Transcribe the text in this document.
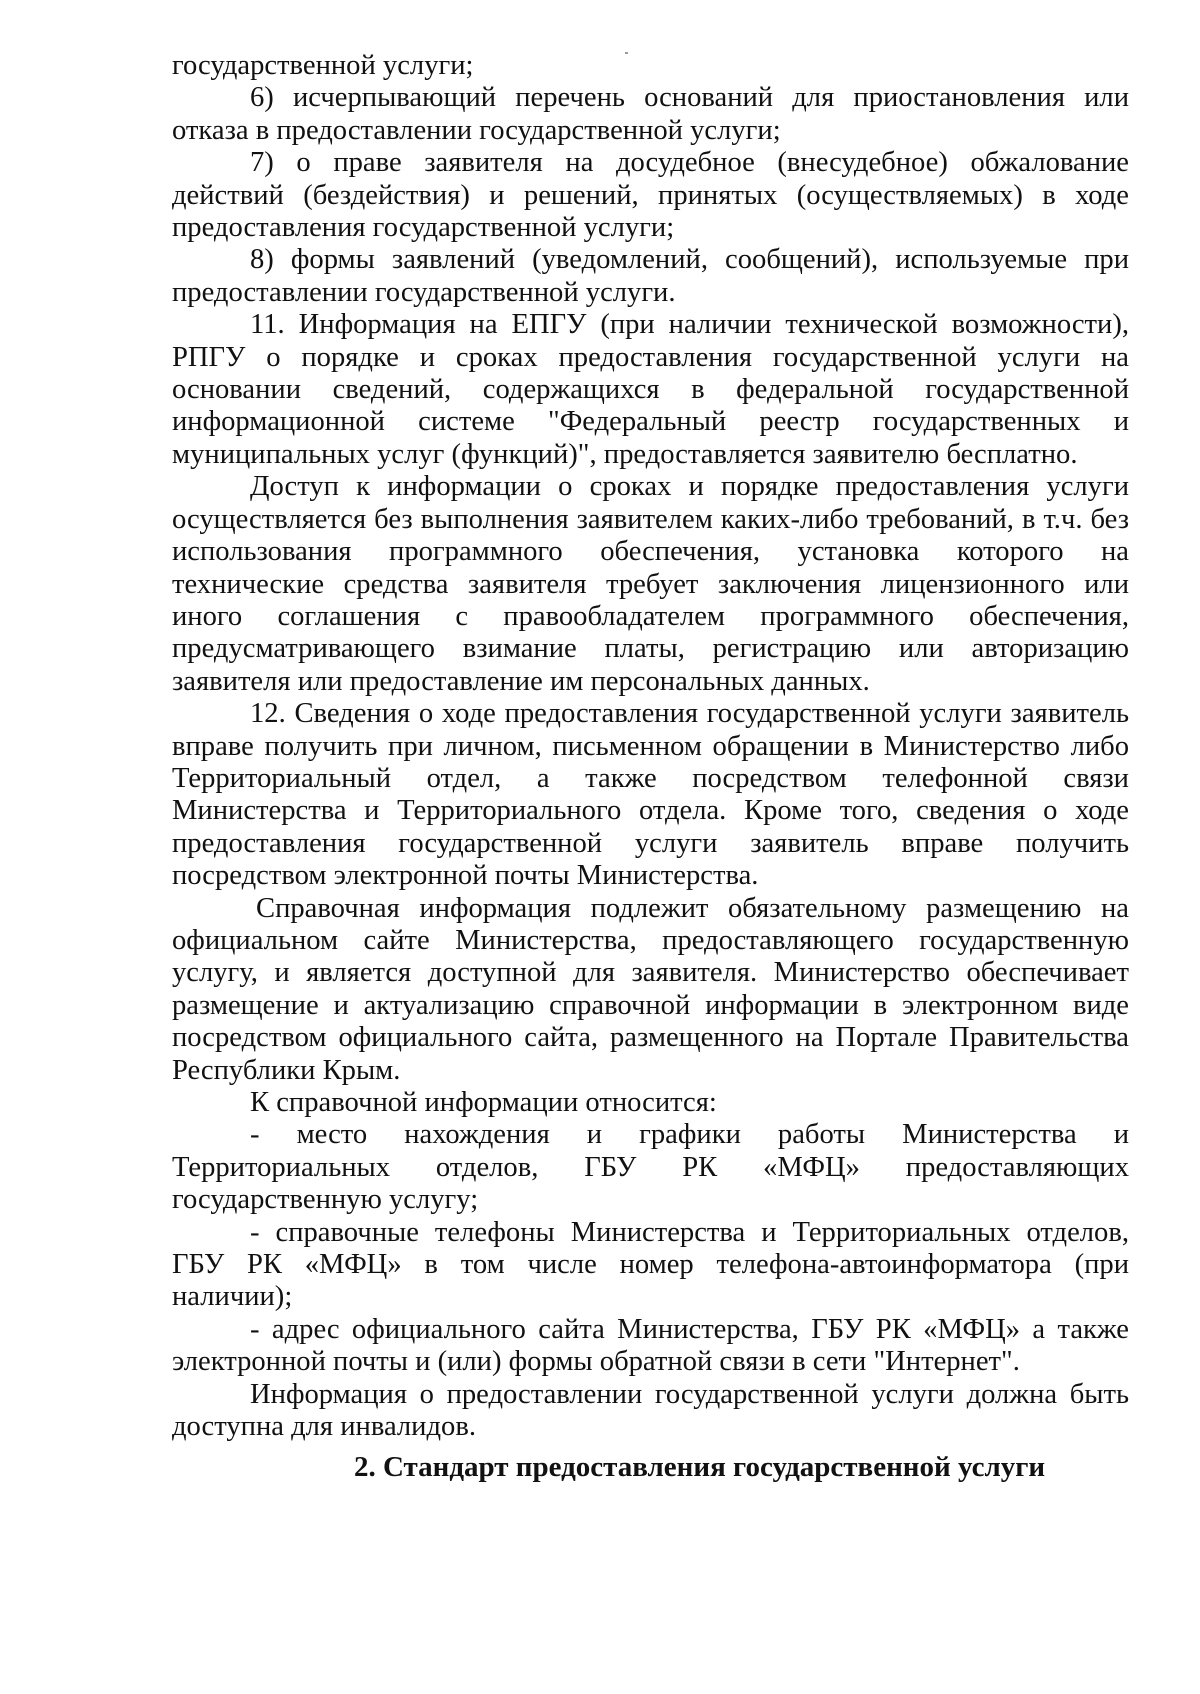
государственной услуги;

6) исчерпывающий перечень оснований для приостановления или отказа в предоставлении государственной услуги;

7) о праве заявителя на досудебное (внесудебное) обжалование действий (бездействия) и решений, принятых (осуществляемых) в ходе предоставления государственной услуги;

8) формы заявлений (уведомлений, сообщений), используемые при предоставлении государственной услуги.

11. Информация на ЕПГУ (при наличии технической возможности), РПГУ о порядке и сроках предоставления государственной услуги на основании сведений, содержащихся в федеральной государственной информационной системе "Федеральный реестр государственных и муниципальных услуг (функций)", предоставляется заявителю бесплатно.

Доступ к информации о сроках и порядке предоставления услуги осуществляется без выполнения заявителем каких-либо требований, в т.ч. без использования программного обеспечения, установка которого на технические средства заявителя требует заключения лицензионного или иного соглашения с правообладателем программного обеспечения, предусматривающего взимание платы, регистрацию или авторизацию заявителя или предоставление им персональных данных.

12. Сведения о ходе предоставления государственной услуги заявитель вправе получить при личном, письменном обращении в Министерство либо Территориальный отдел, а также посредством телефонной связи Министерства и Территориального отдела. Кроме того, сведения о ходе предоставления государственной услуги заявитель вправе получить посредством электронной почты Министерства.

Справочная информация подлежит обязательному размещению на официальном сайте Министерства, предоставляющего государственную услугу, и является доступной для заявителя. Министерство обеспечивает размещение и актуализацию справочной информации в электронном виде посредством официального сайта, размещенного на Портале Правительства Республики Крым.

К справочной информации относится:

- место нахождения и графики работы Министерства и Территориальных отделов, ГБУ РК «МФЦ» предоставляющих государственную услугу;

- справочные телефоны Министерства и Территориальных отделов, ГБУ РК «МФЦ» в том числе номер телефона-автоинформатора (при наличии);

- адрес официального сайта Министерства, ГБУ РК «МФЦ» а также электронной почты и (или) формы обратной связи в сети "Интернет".

Информация о предоставлении государственной услуги должна быть доступна для инвалидов.

2. Стандарт предоставления государственной услуги
